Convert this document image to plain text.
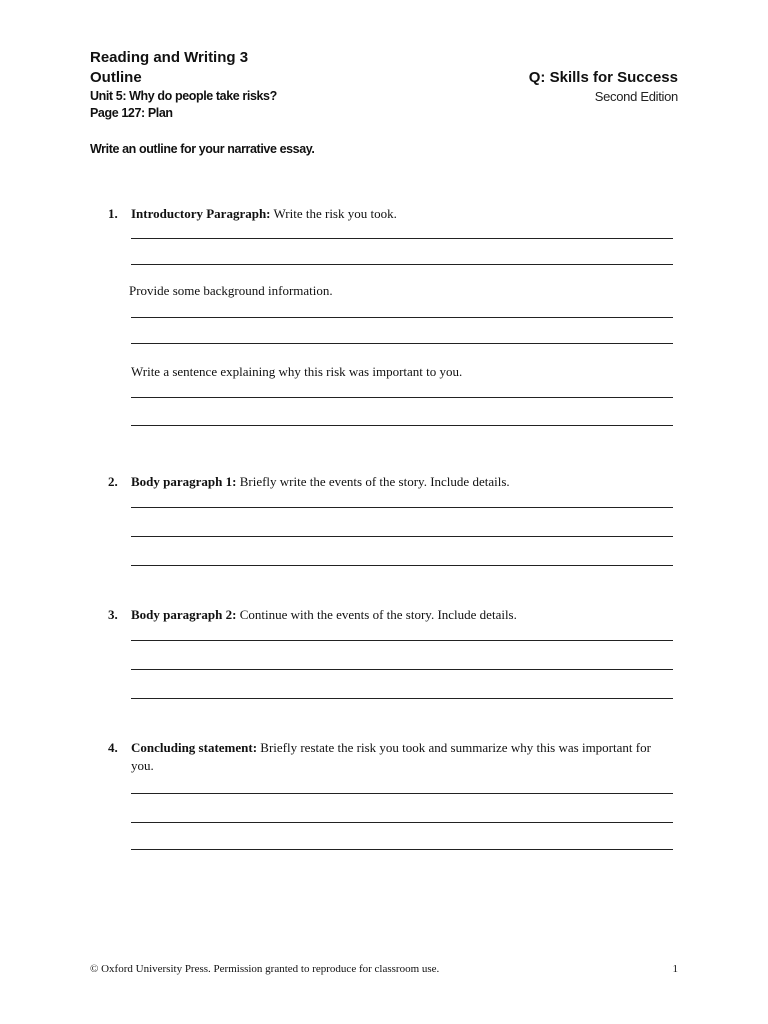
Reading and Writing 3
Outline
Unit 5: Why do people take risks?
Page 127: Plan
Q: Skills for Success
Second Edition
Write an outline for your narrative essay.
1.	Introductory Paragraph: Write the risk you took.
Provide some background information.
Write a sentence explaining why this risk was important to you.
2.	Body paragraph 1: Briefly write the events of the story. Include details.
3.	Body paragraph 2: Continue with the events of the story. Include details.
4.	Concluding statement: Briefly restate the risk you took and summarize why this was important for you.
© Oxford University Press. Permission granted to reproduce for classroom use.	1
